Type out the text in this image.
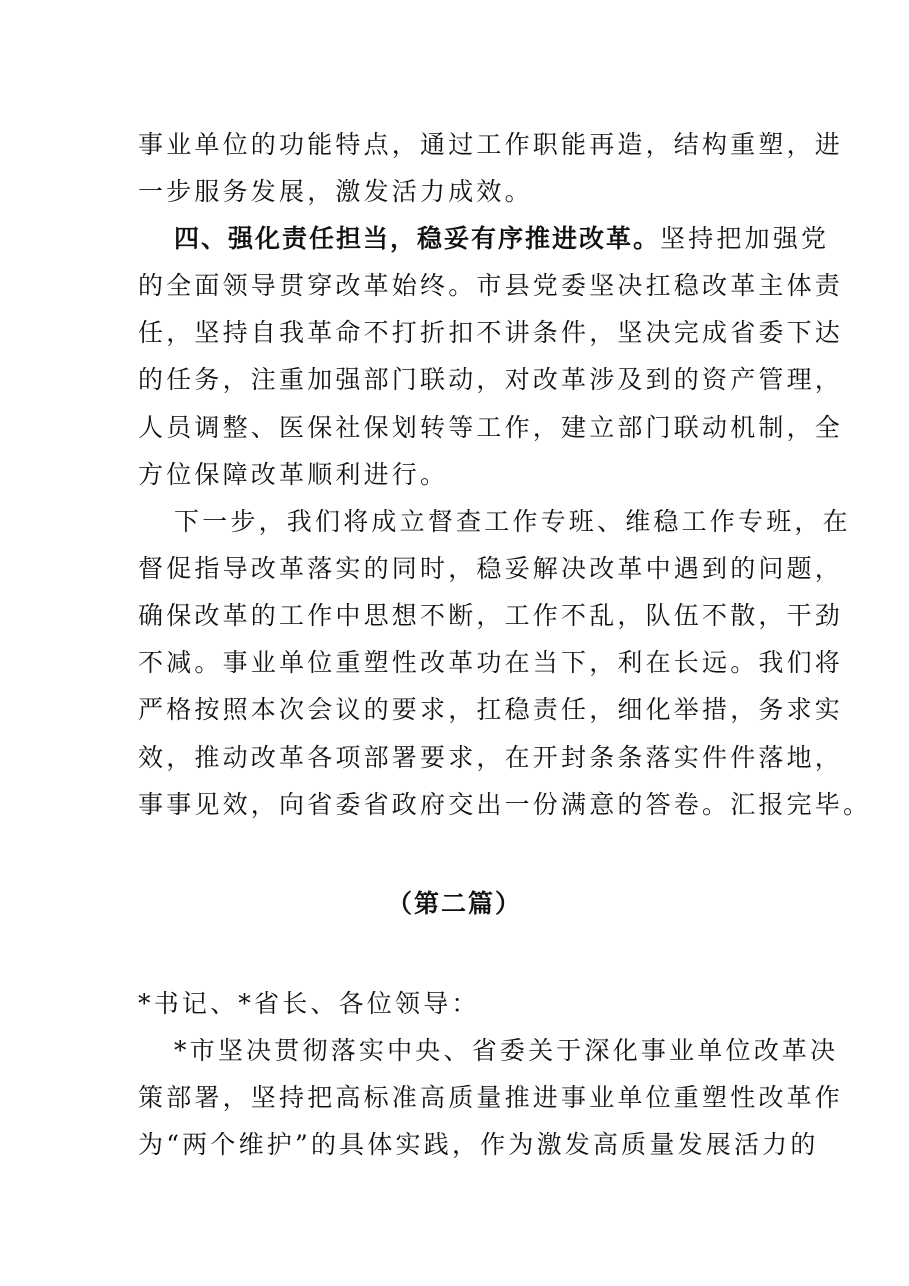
事业单位的功能特点，通过工作职能再造，结构重塑，进
一步服务发展，激发活力成效。
四、强化责任担当，稳妥有序推进改革。坚持把加强党
的全面领导贯穿改革始终。市县党委坚决扛稳改革主体责
任，坚持自我革命不打折扣不讲条件，坚决完成省委下达
的任务，注重加强部门联动，对改革涉及到的资产管理，
人员调整、医保社保划转等工作，建立部门联动机制，全
方位保障改革顺利进行。
下一步，我们将成立督查工作专班、维稳工作专班，在
督促指导改革落实的同时，稳妥解决改革中遇到的问题，
确保改革的工作中思想不断，工作不乱，队伍不散，干劲
不减。事业单位重塑性改革功在当下，利在长远。我们将
严格按照本次会议的要求，扛稳责任，细化举措，务求实
效，推动改革各项部署要求，在开封条条落实件件落地，
事事见效，向省委省政府交出一份满意的答卷。汇报完毕。
（第二篇）
*书记、*省长、各位领导：
*市坚决贯彻落实中央、省委关于深化事业单位改革决
策部署，坚持把高标准高质量推进事业单位重塑性改革作
为“两个维护”的具体实践，作为激发高质量发展活力的
